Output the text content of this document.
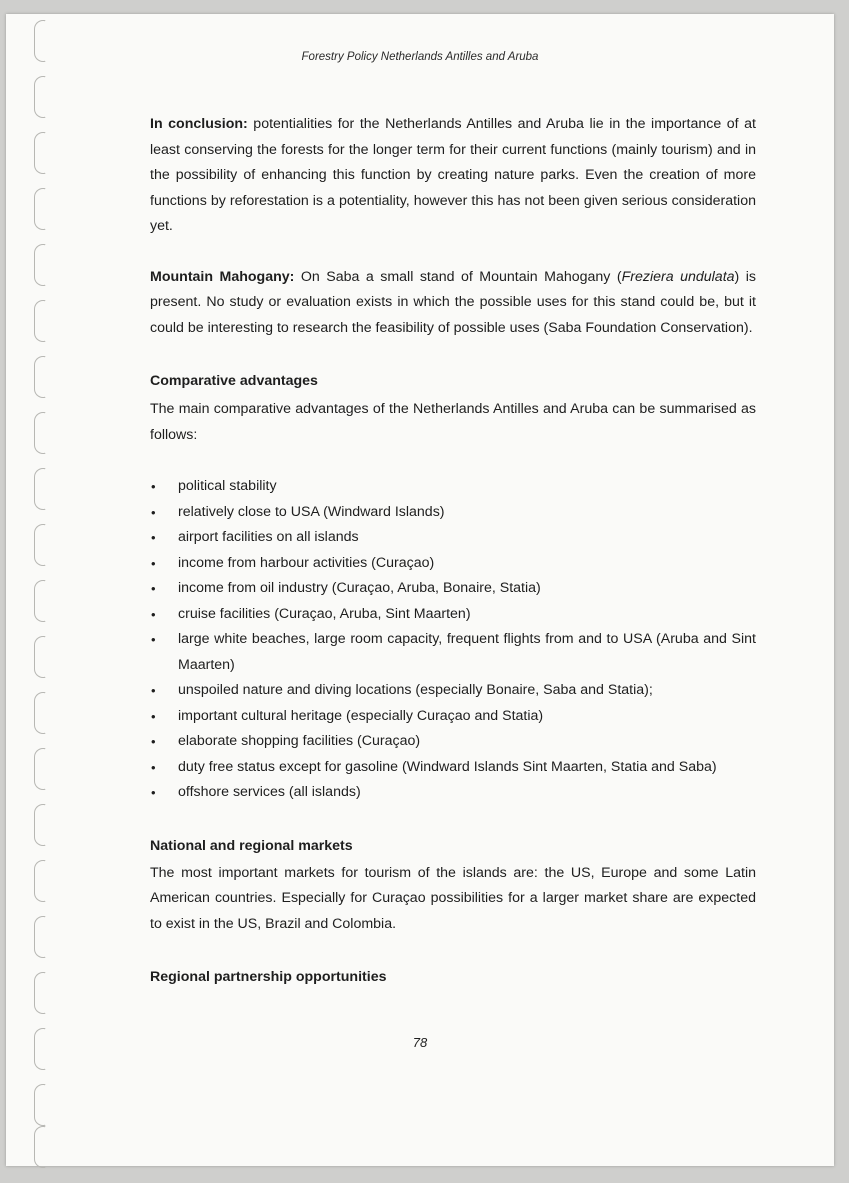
Forestry Policy Netherlands Antilles and Aruba

In conclusion: potentialities for the Netherlands Antilles and Aruba lie in the importance of at least conserving the forests for the longer term for their current functions (mainly tourism) and in the possibility of enhancing this function by creating nature parks. Even the creation of more functions by reforestation is a potentiality, however this has not been given serious consideration yet.

Mountain Mahogany: On Saba a small stand of Mountain Mahogany (Freziera undulata) is present. No study or evaluation exists in which the possible uses for this stand could be, but it could be interesting to research the feasibility of possible uses (Saba Foundation Conservation).

Comparative advantages

The main comparative advantages of the Netherlands Antilles and Aruba can be summarised as follows:

• political stability
• relatively close to USA (Windward Islands)
• airport facilities on all islands
• income from harbour activities (Curaçao)
• income from oil industry (Curaçao, Aruba, Bonaire, Statia)
• cruise facilities (Curaçao, Aruba, Sint Maarten)
• large white beaches, large room capacity, frequent flights from and to USA (Aruba and Sint Maarten)
• unspoiled nature and diving locations (especially Bonaire, Saba and Statia);
• important cultural heritage (especially Curaçao and Statia)
• elaborate shopping facilities (Curaçao)
• duty free status except for gasoline (Windward Islands Sint Maarten, Statia and Saba)
• offshore services (all islands)
National and regional markets

The most important markets for tourism of the islands are: the US, Europe and some Latin American countries. Especially for Curaçao possibilities for a larger market share are expected to exist in the US, Brazil and Colombia.

Regional partnership opportunities
78
